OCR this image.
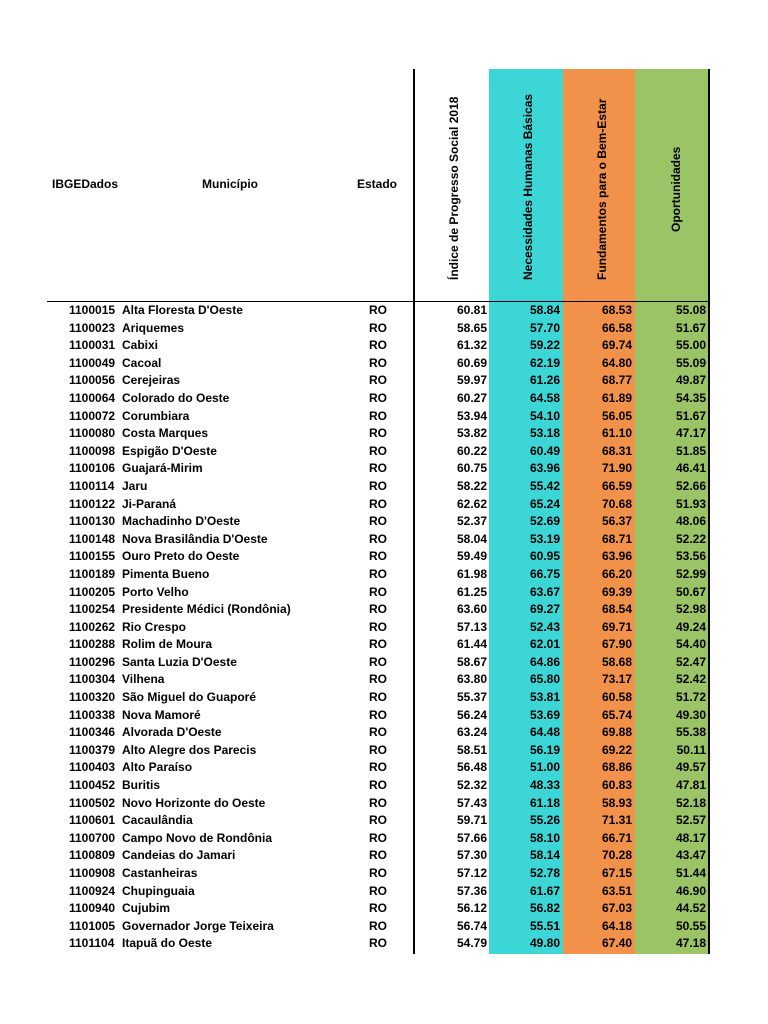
IBGEDados	Município	Estado	Índice de Progresso Social 2018	Necessidades Humanas Básicas	Fundamentos para o Bem-Estar	Oportunidades
1100015 Alta Floresta D'Oeste	RO	60.81	58.84	68.53	55.08
1100023 Ariquemes	RO	58.65	57.70	66.58	51.67
1100031 Cabixi	RO	61.32	59.22	69.74	55.00
1100049 Cacoal	RO	60.69	62.19	64.80	55.09
1100056 Cerejeiras	RO	59.97	61.26	68.77	49.87
1100064 Colorado do Oeste	RO	60.27	64.58	61.89	54.35
1100072 Corumbiara	RO	53.94	54.10	56.05	51.67
1100080 Costa Marques	RO	53.82	53.18	61.10	47.17
1100098 Espigão D'Oeste	RO	60.22	60.49	68.31	51.85
1100106 Guajará-Mirim	RO	60.75	63.96	71.90	46.41
1100114 Jaru	RO	58.22	55.42	66.59	52.66
1100122 Ji-Paraná	RO	62.62	65.24	70.68	51.93
1100130 Machadinho D'Oeste	RO	52.37	52.69	56.37	48.06
1100148 Nova Brasilândia D'Oeste	RO	58.04	53.19	68.71	52.22
1100155 Ouro Preto do Oeste	RO	59.49	60.95	63.96	53.56
1100189 Pimenta Bueno	RO	61.98	66.75	66.20	52.99
1100205 Porto Velho	RO	61.25	63.67	69.39	50.67
1100254 Presidente Médici (Rondônia)	RO	63.60	69.27	68.54	52.98
1100262 Rio Crespo	RO	57.13	52.43	69.71	49.24
1100288 Rolim de Moura	RO	61.44	62.01	67.90	54.40
1100296 Santa Luzia D'Oeste	RO	58.67	64.86	58.68	52.47
1100304 Vilhena	RO	63.80	65.80	73.17	52.42
1100320 São Miguel do Guaporé	RO	55.37	53.81	60.58	51.72
1100338 Nova Mamoré	RO	56.24	53.69	65.74	49.30
1100346 Alvorada D'Oeste	RO	63.24	64.48	69.88	55.38
1100379 Alto Alegre dos Parecis	RO	58.51	56.19	69.22	50.11
1100403 Alto Paraíso	RO	56.48	51.00	68.86	49.57
1100452 Buritis	RO	52.32	48.33	60.83	47.81
1100502 Novo Horizonte do Oeste	RO	57.43	61.18	58.93	52.18
1100601 Cacaulândia	RO	59.71	55.26	71.31	52.57
1100700 Campo Novo de Rondônia	RO	57.66	58.10	66.71	48.17
1100809 Candeias do Jamari	RO	57.30	58.14	70.28	43.47
1100908 Castanheiras	RO	57.12	52.78	67.15	51.44
1100924 Chupinguaia	RO	57.36	61.67	63.51	46.90
1100940 Cujubim	RO	56.12	56.82	67.03	44.52
1101005 Governador Jorge Teixeira	RO	56.74	55.51	64.18	50.55
1101104 Itapuã do Oeste	RO	54.79	49.80	67.40	47.18
